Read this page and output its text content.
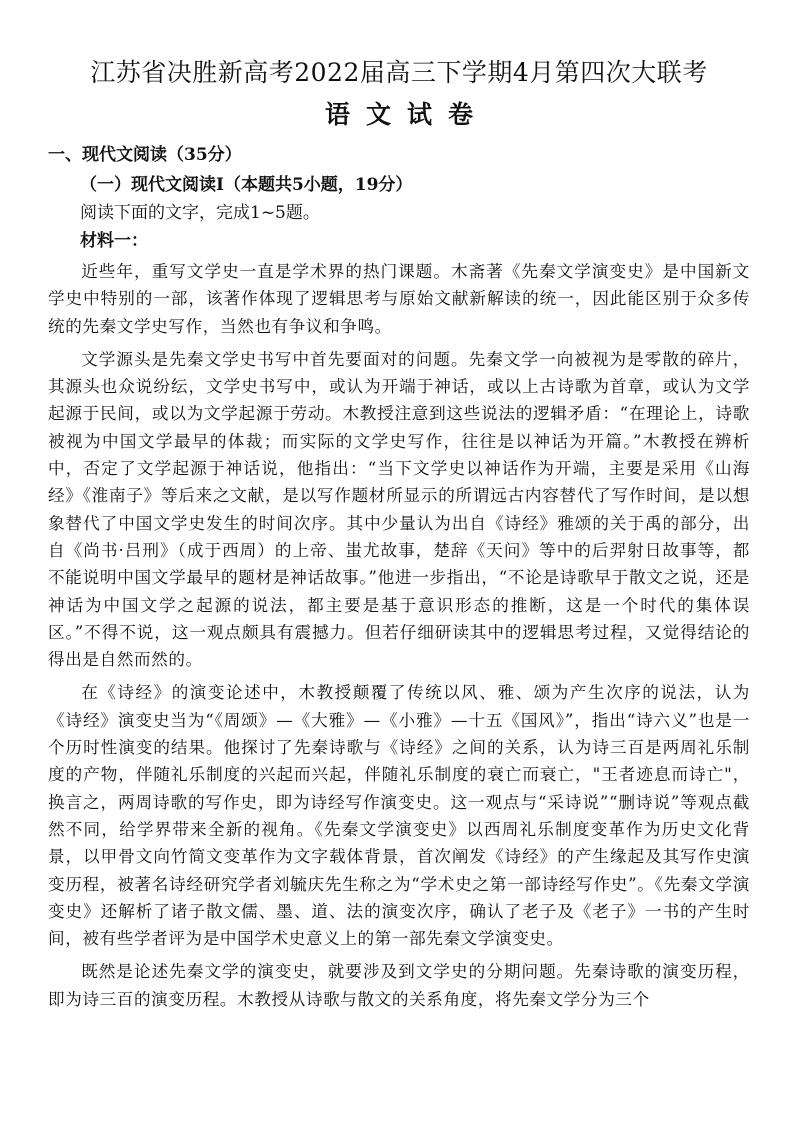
江苏省决胜新高考2022届高三下学期4月第四次大联考
语文试卷
一、现代文阅读（35分）
（一）现代文阅读I（本题共5小题，19分）
阅读下面的文字，完成1~5题。
材料一：

近些年，重写文学史一直是学术界的热门课题。木斋著《先秦文学演变史》是中国新文学史中特别的一部，该著作体现了逻辑思考与原始文献新解读的统一，因此能区别于众多传统的先秦文学史写作，当然也有争议和争鸣。

文学源头是先秦文学史书写中首先要面对的问题。先秦文学一向被视为是零散的碎片，其源头也众说纷纭，文学史书写中，或认为开端于神话，或以上古诗歌为首章，或认为文学起源于民间，或以为文学起源于劳动。木教授注意到这些说法的逻辑矛盾：“在理论上，诗歌被视为中国文学最早的体裁；而实际的文学史写作，往往是以神话为开篇。”木教授在辨析中，否定了文学起源于神话说，他指出：“当下文学史以神话作为开端，主要是采用《山海经》《淮南子》等后来之文献，是以写作题材所显示的所谓远古内容替代了写作时间，是以想象替代了中国文学史发生的时间次序。其中少量认为出自《诗经》雅颂的关于禹的部分，出自《尚书·吕刑》（成于西周）的上帝、蚩尤故事，楚辞《天问》等中的后羿射日故事等，都不能说明中国文学最早的题材是神话故事。”他进一步指出，“不论是诗歌早于散文之说，还是神话为中国文学之起源的说法，都主要是基于意识形态的推断，这是一个时代的集体误区。”不得不说，这一观点颇具有震撼力。但若仔细研读其中的逻辑思考过程，又觉得结论的得出是自然而然的。

在《诗经》的演变论述中，木教授颠覆了传统以风、雅、颂为产生次序的说法，认为《诗经》演变史当为“《周颂》—《大雅》—《小雅》—十五《国风》”，指出“诗六义”也是一个历时性演变的结果。他探讨了先秦诗歌与《诗经》之间的关系，认为诗三百是两周礼乐制度的产物，伴随礼乐制度的兴起而兴起，伴随礼乐制度的衰亡而衰亡，"王者迹息而诗亡"，换言之，两周诗歌的写作史，即为诗经写作演变史。这一观点与“采诗说”“删诗说”等观点截然不同，给学界带来全新的视角。《先秦文学演变史》以西周礼乐制度变革作为历史文化背景，以甲骨文向竹简文变革作为文字载体背景，首次阐发《诗经》的产生缘起及其写作史演变历程，被著名诗经研究学者刘毓庆先生称之为“学术史之第一部诗经写作史”。《先秦文学演变史》还解析了诸子散文儒、墨、道、法的演变次序，确认了老子及《老子》一书的产生时间，被有些学者评为是中国学术史意义上的第一部先秦文学演变史。

既然是论述先秦文学的演变史，就要涉及到文学史的分期问题。先秦诗歌的演变历程，即为诗三百的演变历程。木教授从诗歌与散文的关系角度，将先秦文学分为三个
